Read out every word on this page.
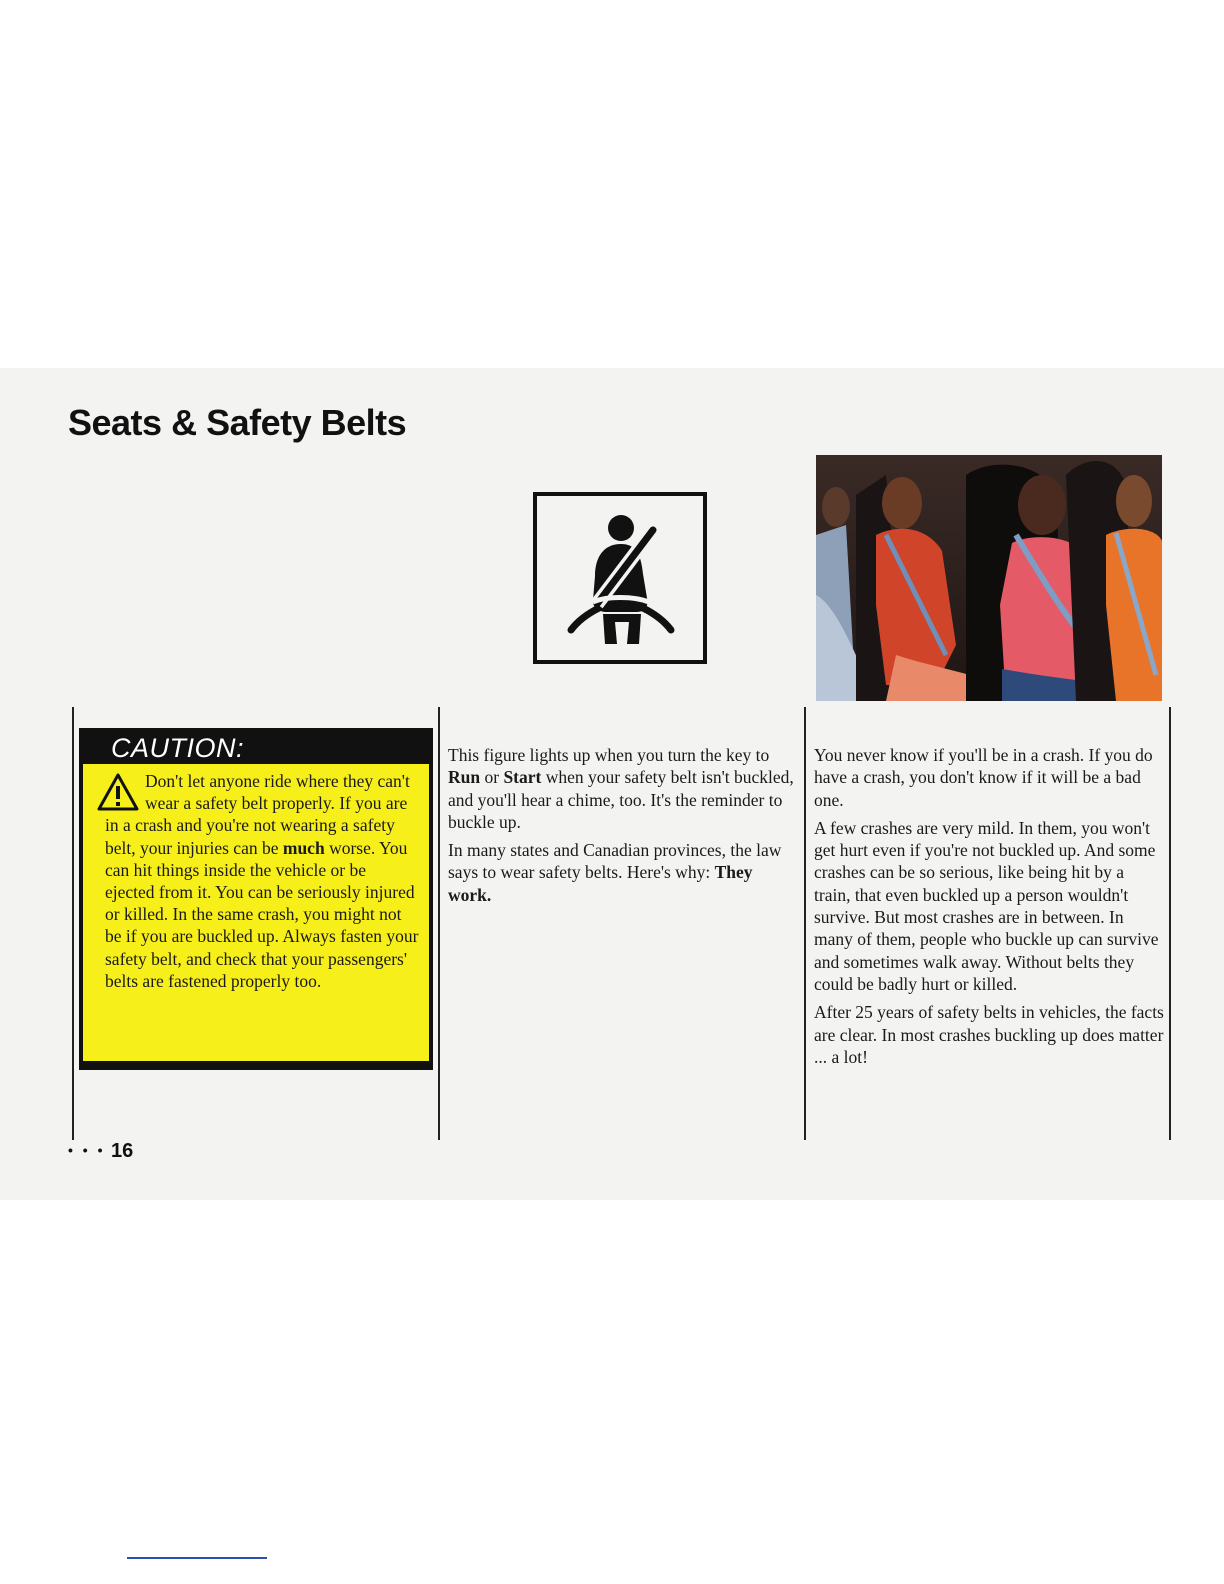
Seats & Safety Belts
CAUTION:
Don't let anyone ride where they can't wear a safety belt properly. If you are in a crash and you're not wearing a safety belt, your injuries can be much worse. You can hit things inside the vehicle or be ejected from it. You can be seriously injured or killed. In the same crash, you might not be if you are buckled up. Always fasten your safety belt, and check that your passengers' belts are fastened properly too.

This figure lights up when you turn the key to Run or Start when your safety belt isn't buckled, and you'll hear a chime, too. It's the reminder to buckle up.

In many states and Canadian provinces, the law says to wear safety belts. Here's why: They work.

You never know if you'll be in a crash. If you do have a crash, you don't know if it will be a bad one.

A few crashes are very mild. In them, you won't get hurt even if you're not buckled up. And some crashes can be so serious, like being hit by a train, that even buckled up a person wouldn't survive. But most crashes are in between. In many of them, people who buckle up can survive and sometimes walk away. Without belts they could be badly hurt or killed.

After 25 years of safety belts in vehicles, the facts are clear. In most crashes buckling up does matter ... a lot!

• • • 16
